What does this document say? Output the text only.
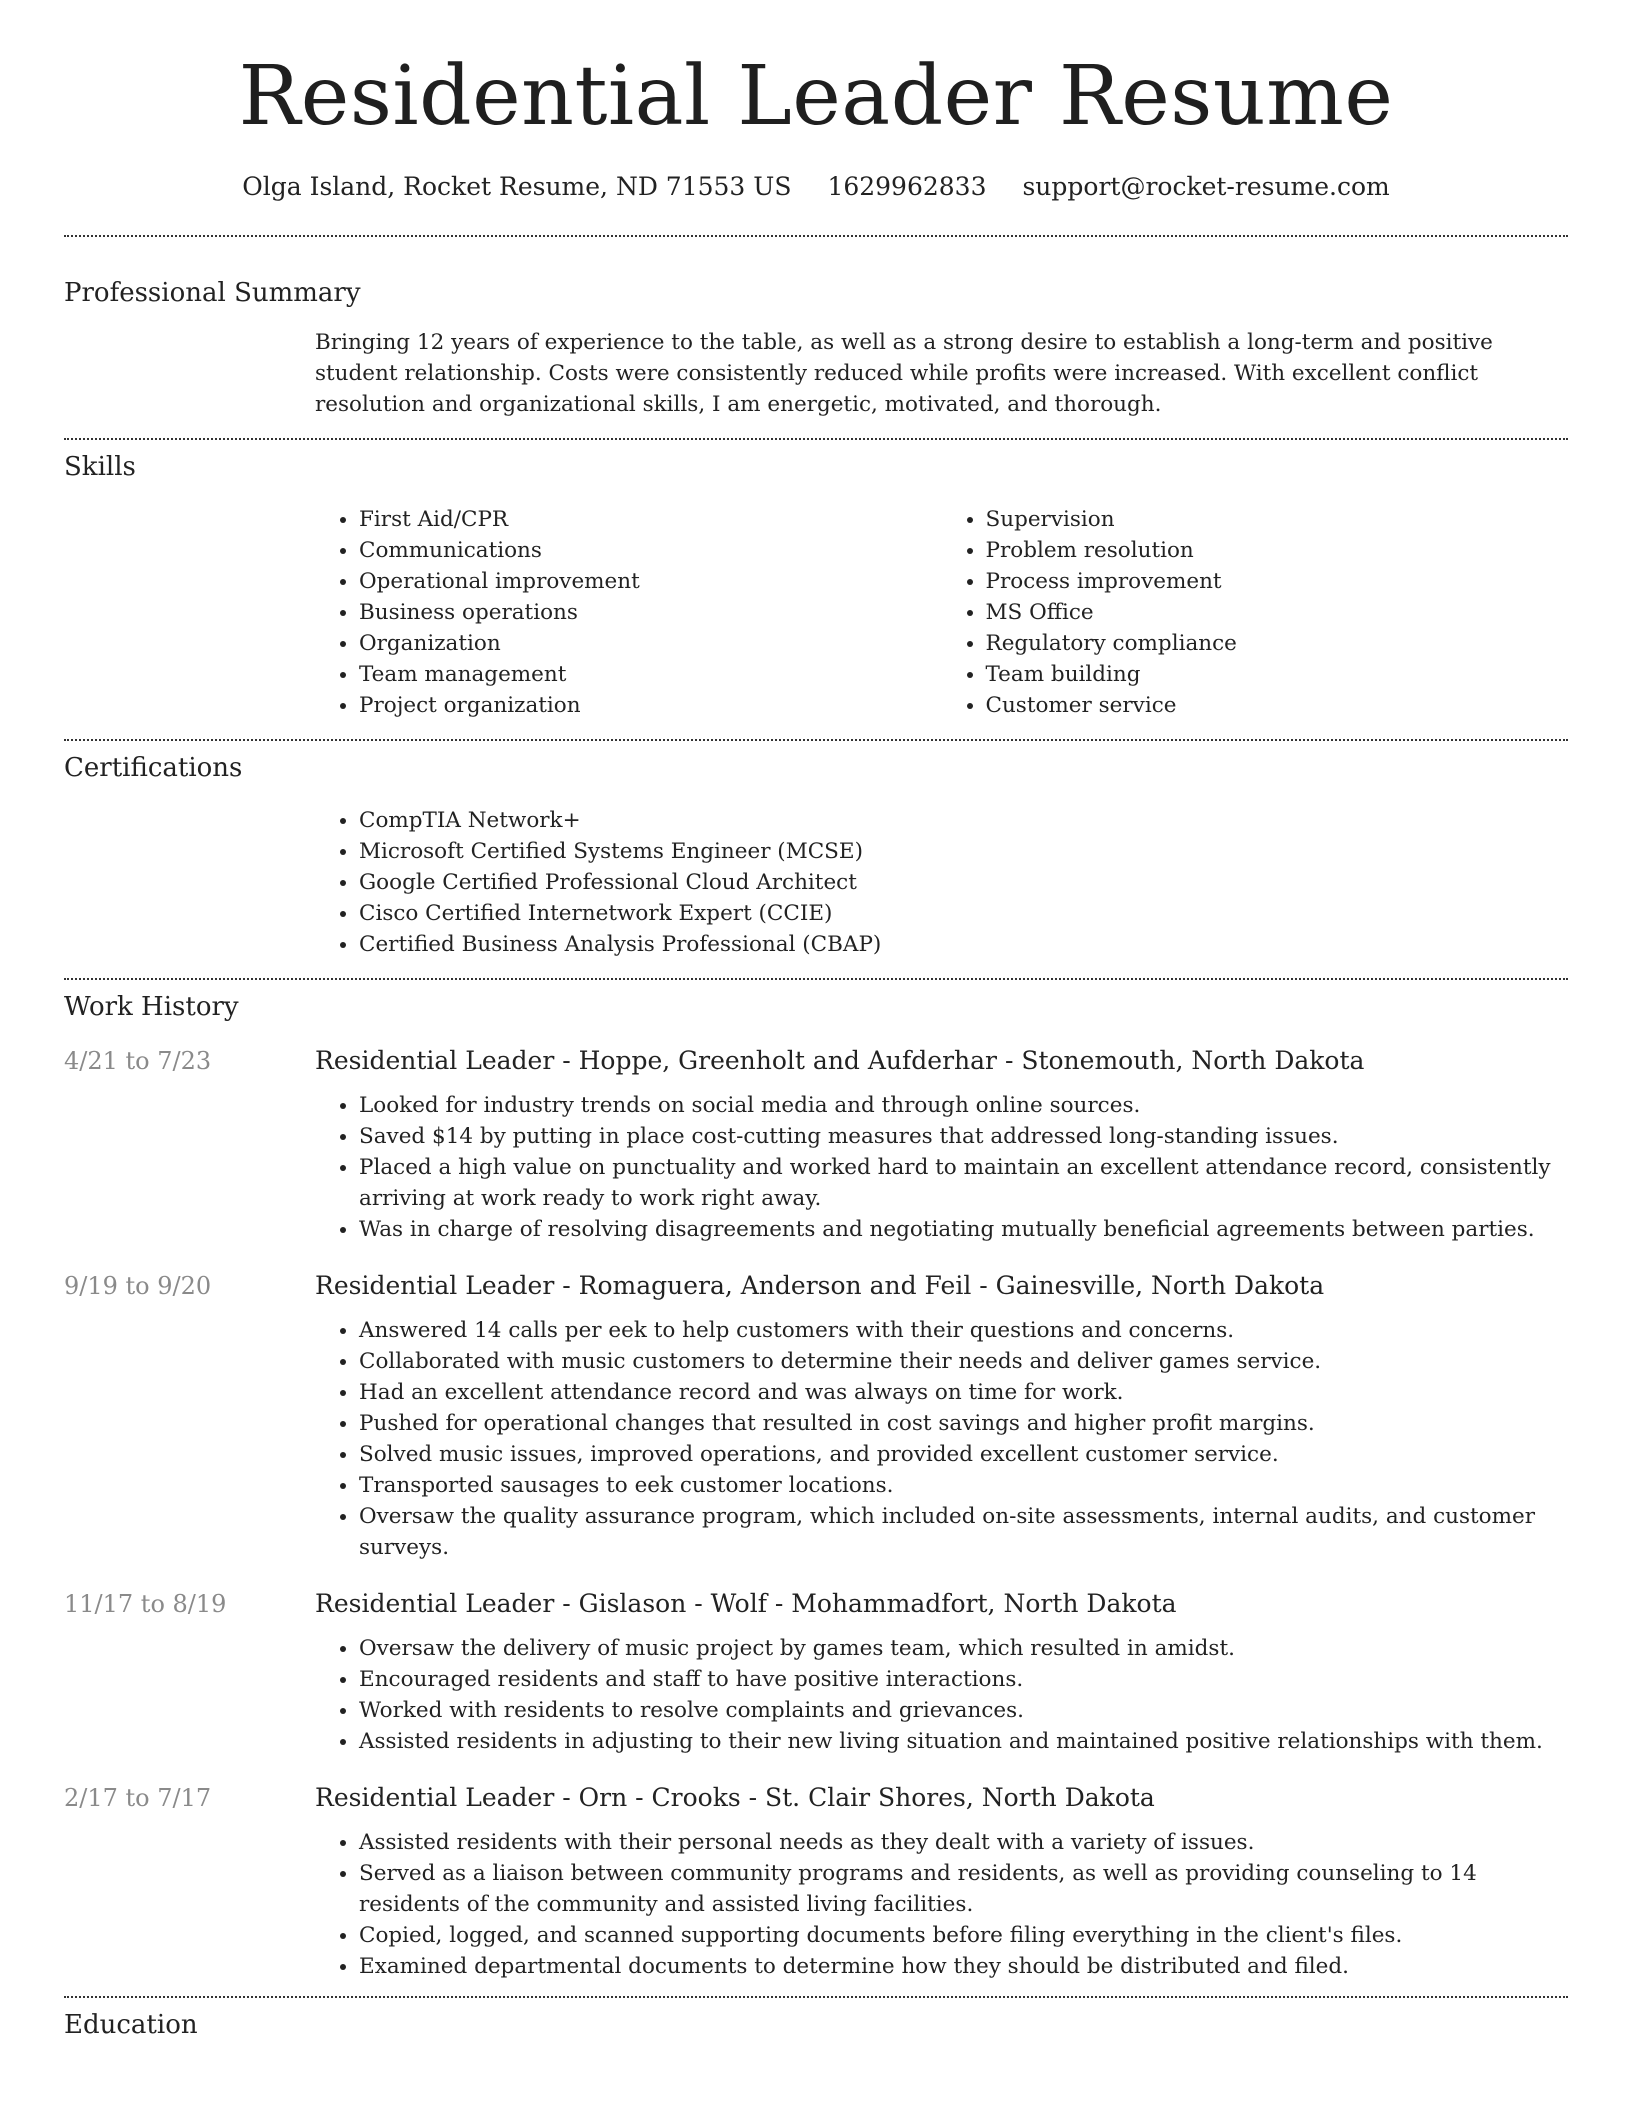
Residential Leader Resume
Olga Island, Rocket Resume, ND 71553 US 1629962833 support@rocket-resume.com
Professional Summary

Bringing 12 years of experience to the table, as well as a strong desire to establish a long-term and positive student relationship. Costs were consistently reduced while profits were increased. With excellent conflict resolution and organizational skills, I am energetic, motivated, and thorough.

Skills
• First Aid/CPR
• Communications
• Operational improvement
• Business operations
• Organization
• Team management
• Project organization
• Supervision
• Problem resolution
• Process improvement
• MS Office
• Regulatory compliance
• Team building
• Customer service
Certifications
• CompTIA Network+
• Microsoft Certified Systems Engineer (MCSE)
• Google Certified Professional Cloud Architect
• Cisco Certified Internetwork Expert (CCIE)
• Certified Business Analysis Professional (CBAP)
Work History
4/21 to 7/23	Residential Leader - Hoppe, Greenholt and Aufderhar - Stonemouth, North Dakota
• Looked for industry trends on social media and through online sources.
• Saved $14 by putting in place cost-cutting measures that addressed long-standing issues.
• Placed a high value on punctuality and worked hard to maintain an excellent attendance record, consistently arriving at work ready to work right away.
• Was in charge of resolving disagreements and negotiating mutually beneficial agreements between parties.
9/19 to 9/20	Residential Leader - Romaguera, Anderson and Feil - Gainesville, North Dakota
• Answered 14 calls per eek to help customers with their questions and concerns.
• Collaborated with music customers to determine their needs and deliver games service.
• Had an excellent attendance record and was always on time for work.
• Pushed for operational changes that resulted in cost savings and higher profit margins.
• Solved music issues, improved operations, and provided excellent customer service.
• Transported sausages to eek customer locations.
• Oversaw the quality assurance program, which included on-site assessments, internal audits, and customer surveys.
11/17 to 8/19	Residential Leader - Gislason - Wolf - Mohammadfort, North Dakota
• Oversaw the delivery of music project by games team, which resulted in amidst.
• Encouraged residents and staff to have positive interactions.
• Worked with residents to resolve complaints and grievances.
• Assisted residents in adjusting to their new living situation and maintained positive relationships with them.
2/17 to 7/17	Residential Leader - Orn - Crooks - St. Clair Shores, North Dakota
• Assisted residents with their personal needs as they dealt with a variety of issues.
• Served as a liaison between community programs and residents, as well as providing counseling to 14 residents of the community and assisted living facilities.
• Copied, logged, and scanned supporting documents before filing everything in the client's files.
• Examined departmental documents to determine how they should be distributed and filed.
Education
